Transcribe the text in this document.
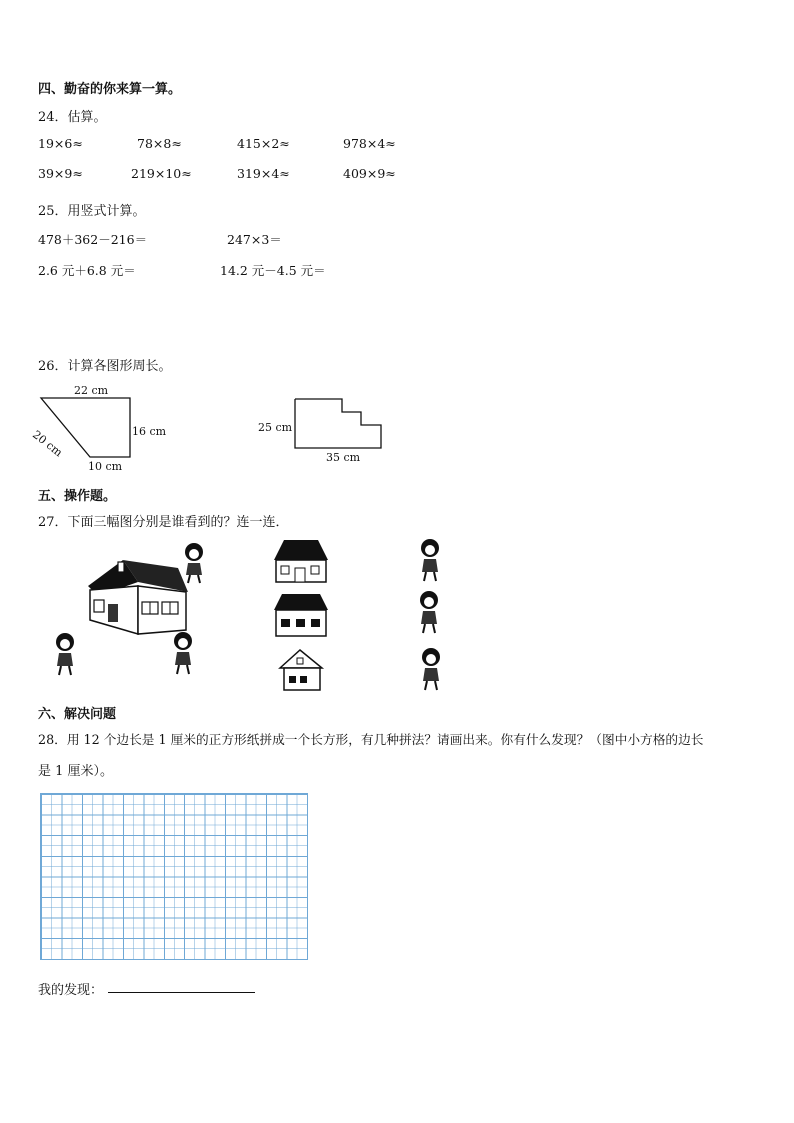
四、勤奋的你来算一算。
24．估算。
19×6≈	78×8≈	415×2≈	978×4≈
39×9≈	219×10≈	319×4≈	409×9≈
25．用竖式计算。
478＋362－216＝	247×3＝
2.6 元＋6.8 元＝	14.2 元－4.5 元＝
26．计算各图形周长。
22 cm
16 cm
20 cm
10 cm
25 cm
35 cm
五、操作题。
27．下面三幅图分别是谁看到的？连一连．
六、解决问题
28．用 12 个边长是 1 厘米的正方形纸拼成一个长方形，有几种拼法？请画出来。你有什么发现？（图中小方格的边长
是 1 厘米）。
我的发现：
